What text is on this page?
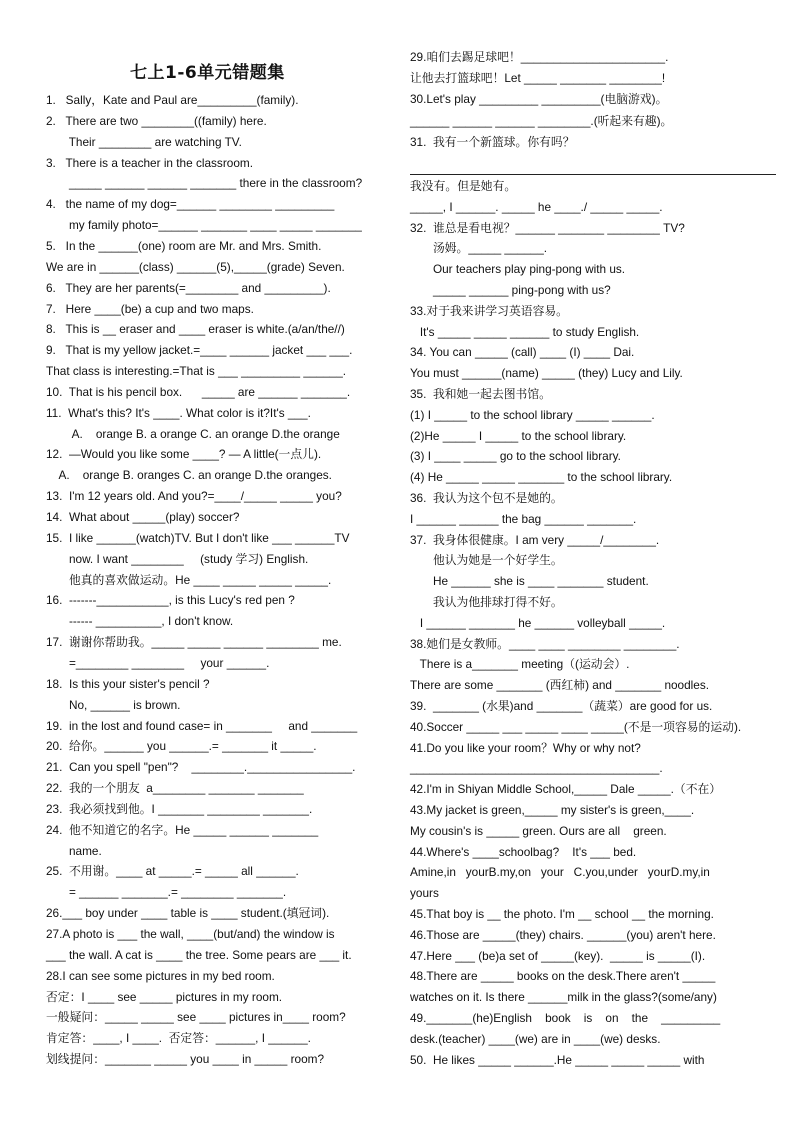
七上1-6单元错题集
1.   Sally，Kate and Paul are_________(family).
2.   There are two ________((family) here.
Their ________ are watching TV.
3.   There is a teacher in the classroom.
_____ ______ ______ _______ there in the classroom?
4.   the name of my dog=______ ________ _________
my family photo=______ _______ ____ _____ _______
5.   In the ______(one) room are Mr. and Mrs. Smith.
We are in ______(class) ______(5),_____(grade) Seven.
6.   They are her parents(=________ and _________).
7.   Here ____(be) a cup and two maps.
8.   This is __ eraser and ____ eraser is white.(a/an/the//)
9.   That is my yellow jacket.=____ ______ jacket ___ ___.
That class is interesting.=That is ___ _________ ______.
10.  That is his pencil box.      _____ are ______ _______.
11.  What's this? It's ____. What color is it?It's ___.
A.    orange B. a orange C. an orange D.the orange
12.  —Would you like some ____? — A little(一点儿).
A.    orange B. oranges C. an orange D.the oranges.
13.  I'm 12 years old. And you?=____/_____ _____ you?
14.  What about _____(play) soccer?
15.  I like ______(watch)TV. But I don't like ___ ______TV
now. I want ________     (study 学习) English.
他真的喜欢做运动。He ____ _____ _____ _____.
16.  -------___________, is this Lucy's red pen ?
------ __________, I don't know.
17.  谢谢你帮助我。_____ _____ ______ ________ me.
=________ ________     your ______.
18.  Is this your sister's pencil ?
No, ______ is brown.
19.  in the lost and found case= in _______     and _______
20.  给你。______ you ______.= _______ it _____.
21.  Can you spell "pen"?    ________.________________.
22.  我的一个朋友  a________ _______ _______
23.  我必须找到他。I _______ ________ _______.
24.  他不知道它的名字。He _____ ______ _______
name.
25.  不用谢。____ at _____.= _____ all ______.
= ______ _______.= ________ _______.
26.___ boy under ____ table is ____ student.(填冠词).
27.A photo is ___ the wall, ____(but/and) the window is
___ the wall. A cat is ____ the tree. Some pears are ___ it.
28.I can see some pictures in my bed room.
否定：I ____ see _____ pictures in my room.
一般疑问：_____ _____ see ____ pictures in____ room?
肯定答：____, I ____.  否定答：______, I ______.
划线提问：_______ _____ you ____ in _____ room?
29.咱们去踢足球吧！______________________.
让他去打篮球吧！Let _____ _______ ________!
30.Let's play _________ _________(电脑游戏)。
______ ______ ______ ________.(听起来有趣)。
31.  我有一个新篮球。你有吗？
我没有。但是她有。
_____, I ______. _____ he ____./ _____ _____.
32.  谁总是看电视？______ _______ ________ TV?
汤姆。_____ ______.
Our teachers play ping-pong with us.
_____ ______ ping-pong with us?
33.对于我来讲学习英语容易。
It's _____ _____ ______ to study English.
34. You can _____ (call) ____ (I) ____ Dai.
You must ______(name) _____ (they) Lucy and Lily.
35.  我和她一起去图书馆。
(1) I _____ to the school library _____ ______.
(2)He _____ I _____ to the school library.
(3) I ____ _____ go to the school library.
(4) He _____ _____ _______ to the school library.
36.  我认为这个包不是她的。
I ______ ______ the bag ______ _______.
37.  我身体很健康。I am very _____/________.
他认为她是一个好学生。
He ______ she is ____ _______ student.
我认为他排球打得不好。
I ______ _______ he ______ volleyball _____.
38.她们是女教师。____ ____ ________ ________.
There is a_______ meeting（(运动会）.
There are some _______ (西红柿) and _______ noodles.
39.  _______ (水果)and _______（蔬菜）are good for us.
40.Soccer _____ ___ _____ ____ _____(不是一项容易的运动).
41.Do you like your room？Why or why not?
______________________________________.
42.I'm in Shiyan Middle School,_____ Dale _____.（不在）
43.My jacket is green,_____ my sister's is green,____.
My cousin's is _____ green. Ours are all    green.
44.Where's ____schoolbag?    It's ___ bed.
Amine,in   yourB.my,on   your   C.you,under   yourD.my,in
yours
45.That boy is __ the photo. I'm __ school __ the morning.
46.Those are _____(they) chairs. ______(you) aren't here.
47.Here ___ (be)a set of _____(key).  _____ is _____(I).
48.There are _____ books on the desk.There aren't _____
watches on it. Is there ______milk in the glass?(some/any)
49._______(he)English    book    is    on    the    _________
desk.(teacher) ____(we) are in ____(we) desks.
50.  He likes _____ ______.He _____ _____ _____ with
